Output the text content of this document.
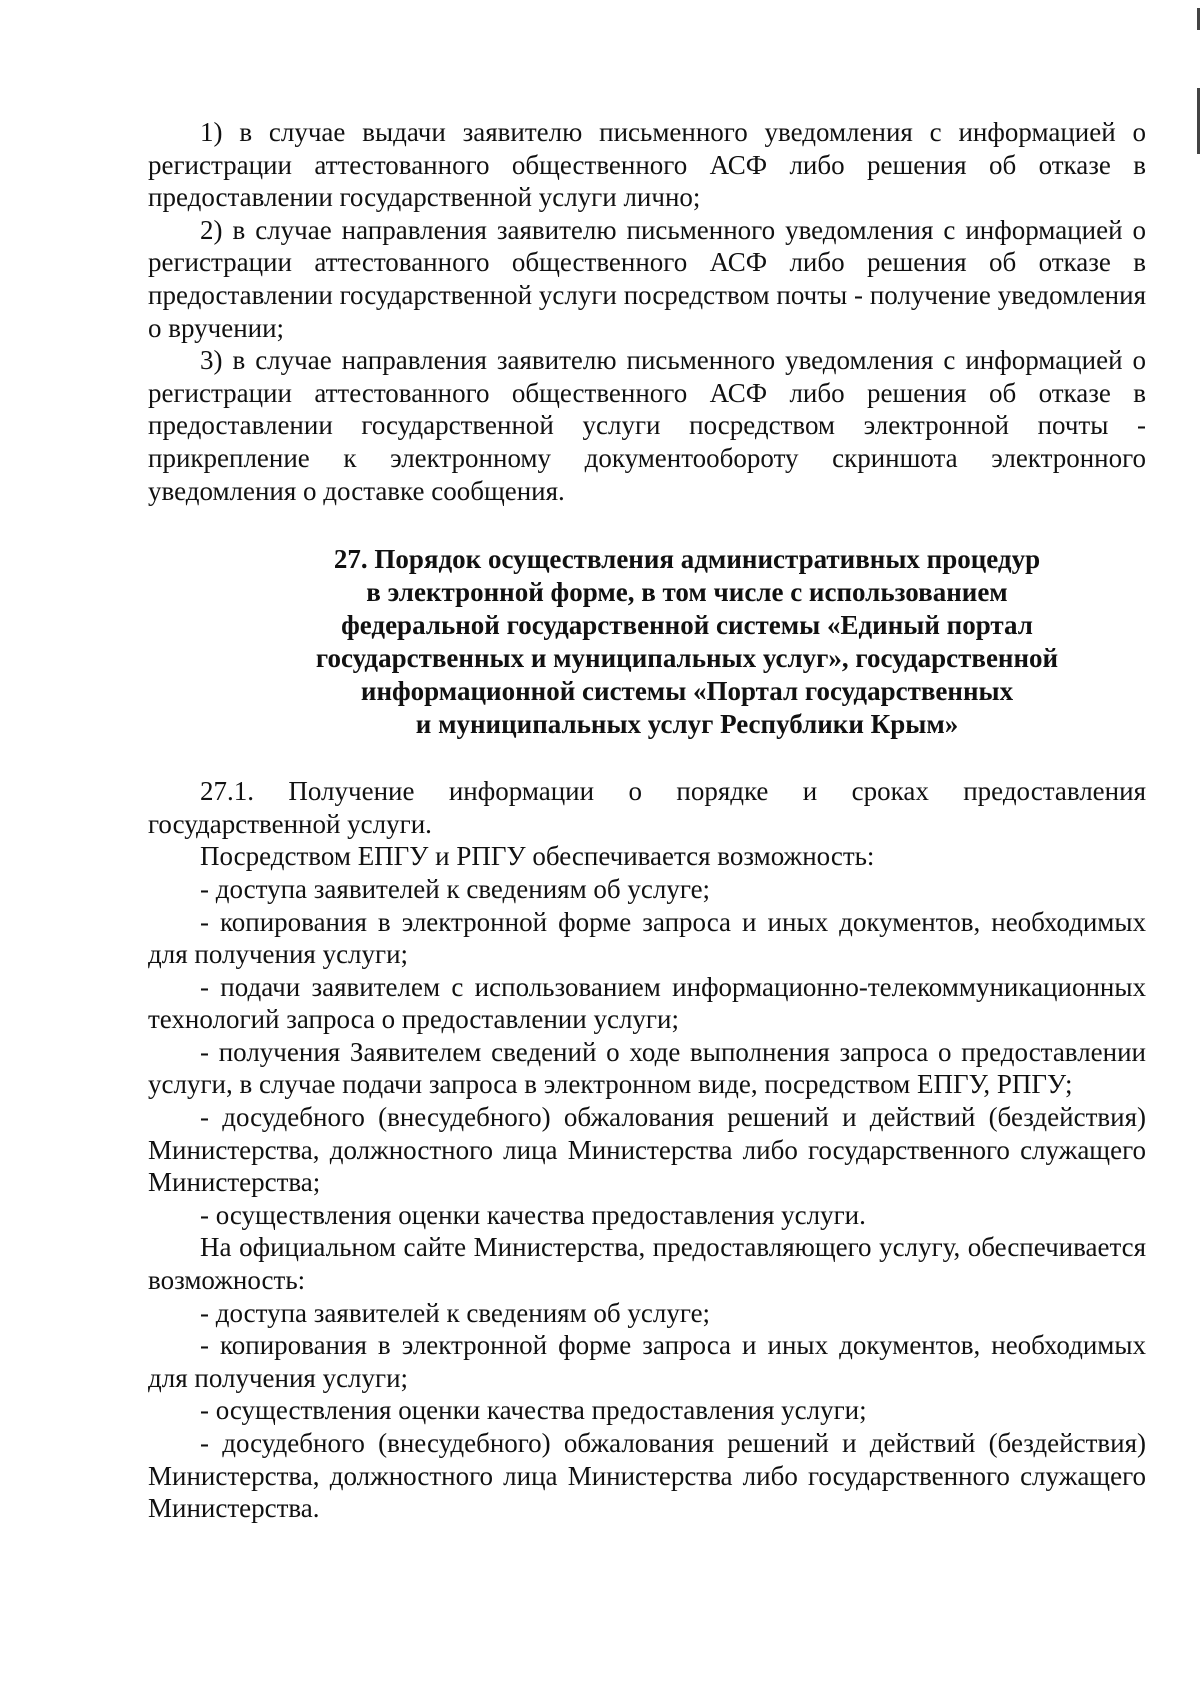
1) в случае выдачи заявителю письменного уведомления с информацией о регистрации аттестованного общественного АСФ либо решения об отказе в предоставлении государственной услуги лично;

2) в случае направления заявителю письменного уведомления с информацией о регистрации аттестованного общественного АСФ либо решения об отказе в предоставлении государственной услуги посредством почты - получение уведомления о вручении;

3) в случае направления заявителю письменного уведомления с информацией о регистрации аттестованного общественного АСФ либо решения об отказе в предоставлении государственной услуги посредством электронной почты - прикрепление к электронному документообороту скриншота электронного уведомления о доставке сообщения.

27. Порядок осуществления административных процедур
в электронной форме, в том числе с использованием
федеральной государственной системы «Единый портал
государственных и муниципальных услуг», государственной
информационной системы «Портал государственных
и муниципальных услуг Республики Крым»

27.1. Получение информации о порядке и сроках предоставления государственной услуги.

Посредством ЕПГУ и РПГУ обеспечивается возможность:

- доступа заявителей к сведениям об услуге;

- копирования в электронной форме запроса и иных документов, необходимых для получения услуги;

- подачи заявителем с использованием информационно-телекоммуникационных технологий запроса о предоставлении услуги;

- получения Заявителем сведений о ходе выполнения запроса о предоставлении услуги, в случае подачи запроса в электронном виде, посредством ЕПГУ, РПГУ;

- досудебного (внесудебного) обжалования решений и действий (бездействия) Министерства, должностного лица Министерства либо государственного служащего Министерства;

- осуществления оценки качества предоставления услуги.

На официальном сайте Министерства, предоставляющего услугу, обеспечивается возможность:

- доступа заявителей к сведениям об услуге;

- копирования в электронной форме запроса и иных документов, необходимых для получения услуги;

- осуществления оценки качества предоставления услуги;

- досудебного (внесудебного) обжалования решений и действий (бездействия) Министерства, должностного лица Министерства либо государственного служащего Министерства.
